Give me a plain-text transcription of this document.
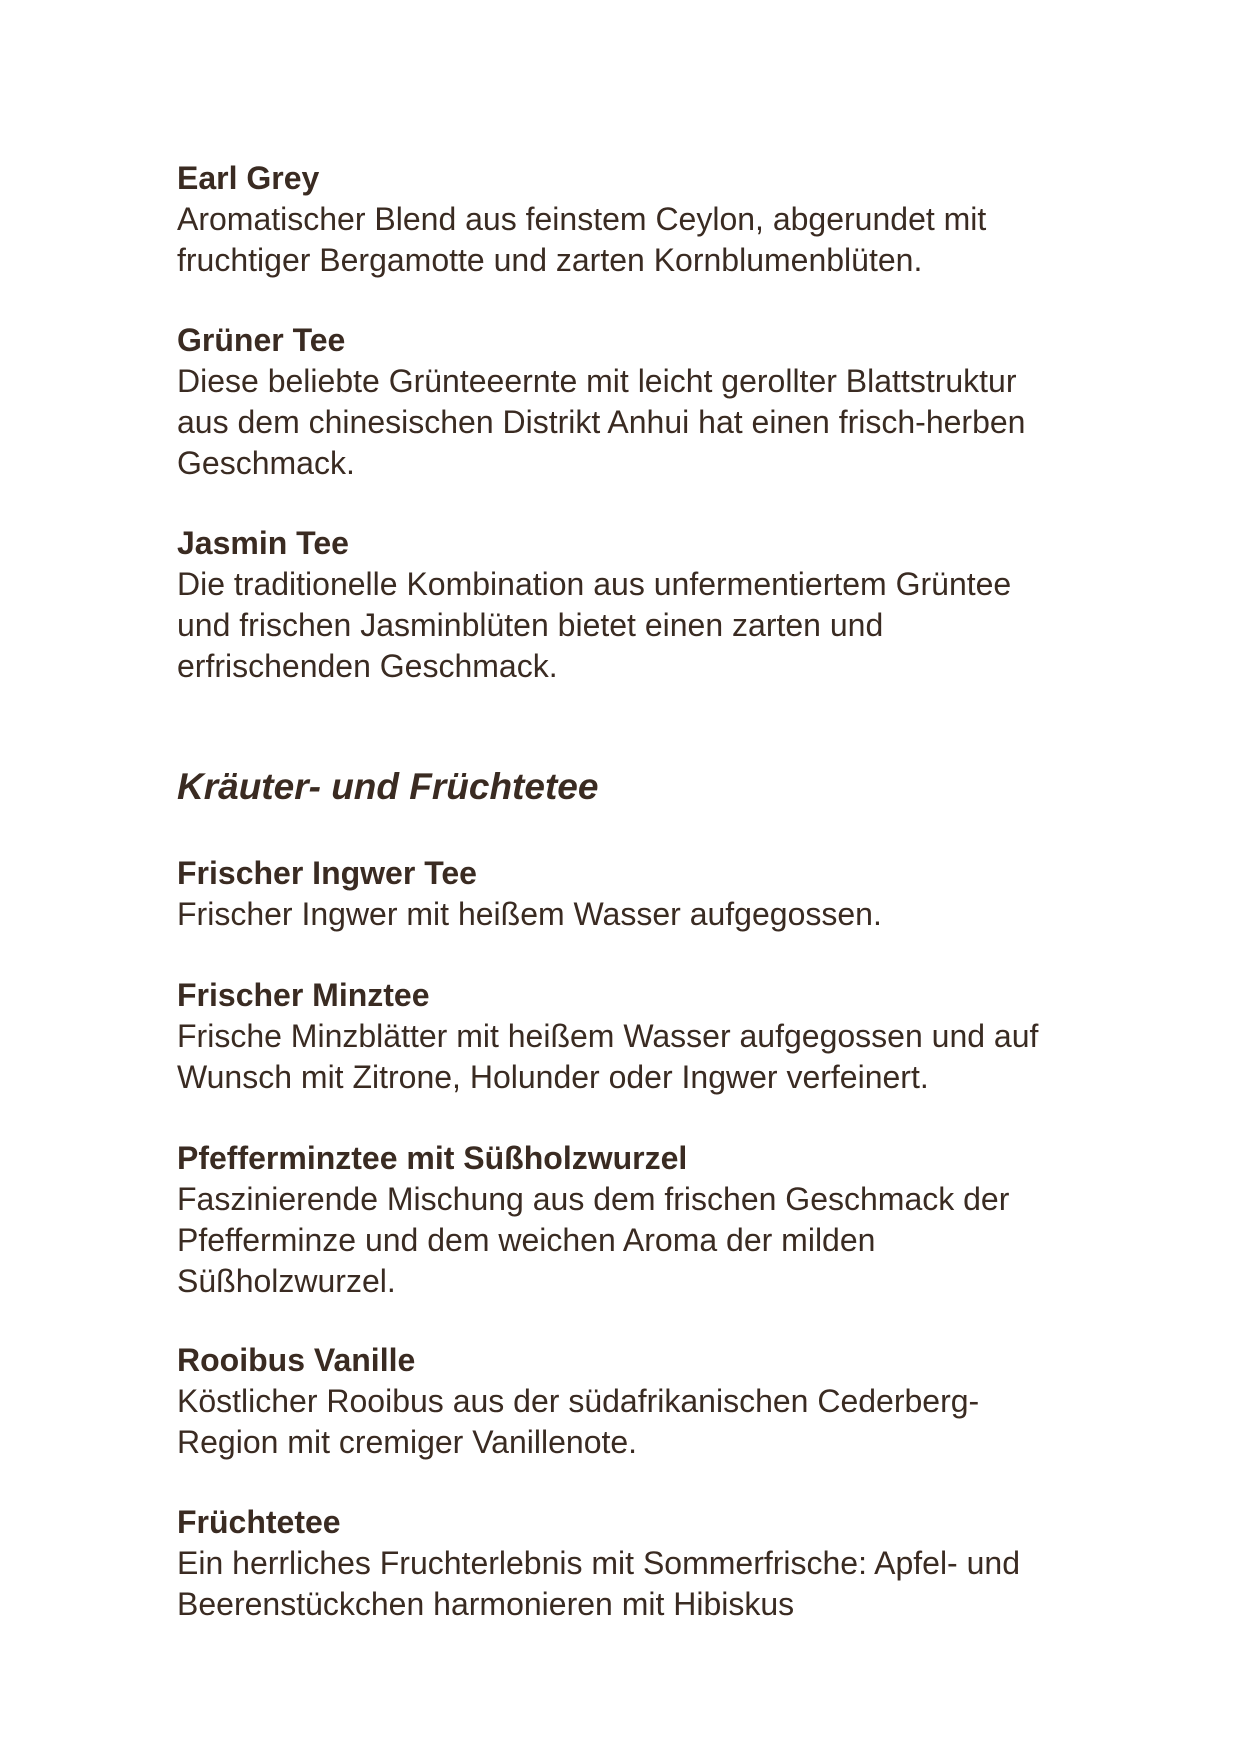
Earl Grey

Aromatischer Blend aus feinstem Ceylon, abgerundet mit

fruchtiger Bergamotte und zarten Kornblumenblüten.

Grüner Tee

Diese beliebte Grünteeernte mit leicht gerollter Blattstruktur

aus dem chinesischen Distrikt Anhui hat einen frisch-herben

Geschmack.

Jasmin Tee

Die traditionelle Kombination aus unfermentiertem Grüntee

und frischen Jasminblüten bietet einen zarten und

erfrischenden Geschmack.

Kräuter- und Früchtetee

Frischer Ingwer Tee

Frischer Ingwer mit heißem Wasser aufgegossen.

Frischer Minztee

Frische Minzblätter mit heißem Wasser aufgegossen und auf

Wunsch mit Zitrone, Holunder oder Ingwer verfeinert.

Pfefferminztee mit Süßholzwurzel

Faszinierende Mischung aus dem frischen Geschmack der

Pfefferminze und dem weichen Aroma der milden

Süßholzwurzel.

Rooibus Vanille

Köstlicher Rooibus aus der südafrikanischen Cederberg-

Region mit cremiger Vanillenote.

Früchtetee

Ein herrliches Fruchterlebnis mit Sommerfrische: Apfel- und

Beerenstückchen harmonieren mit Hibiskus
